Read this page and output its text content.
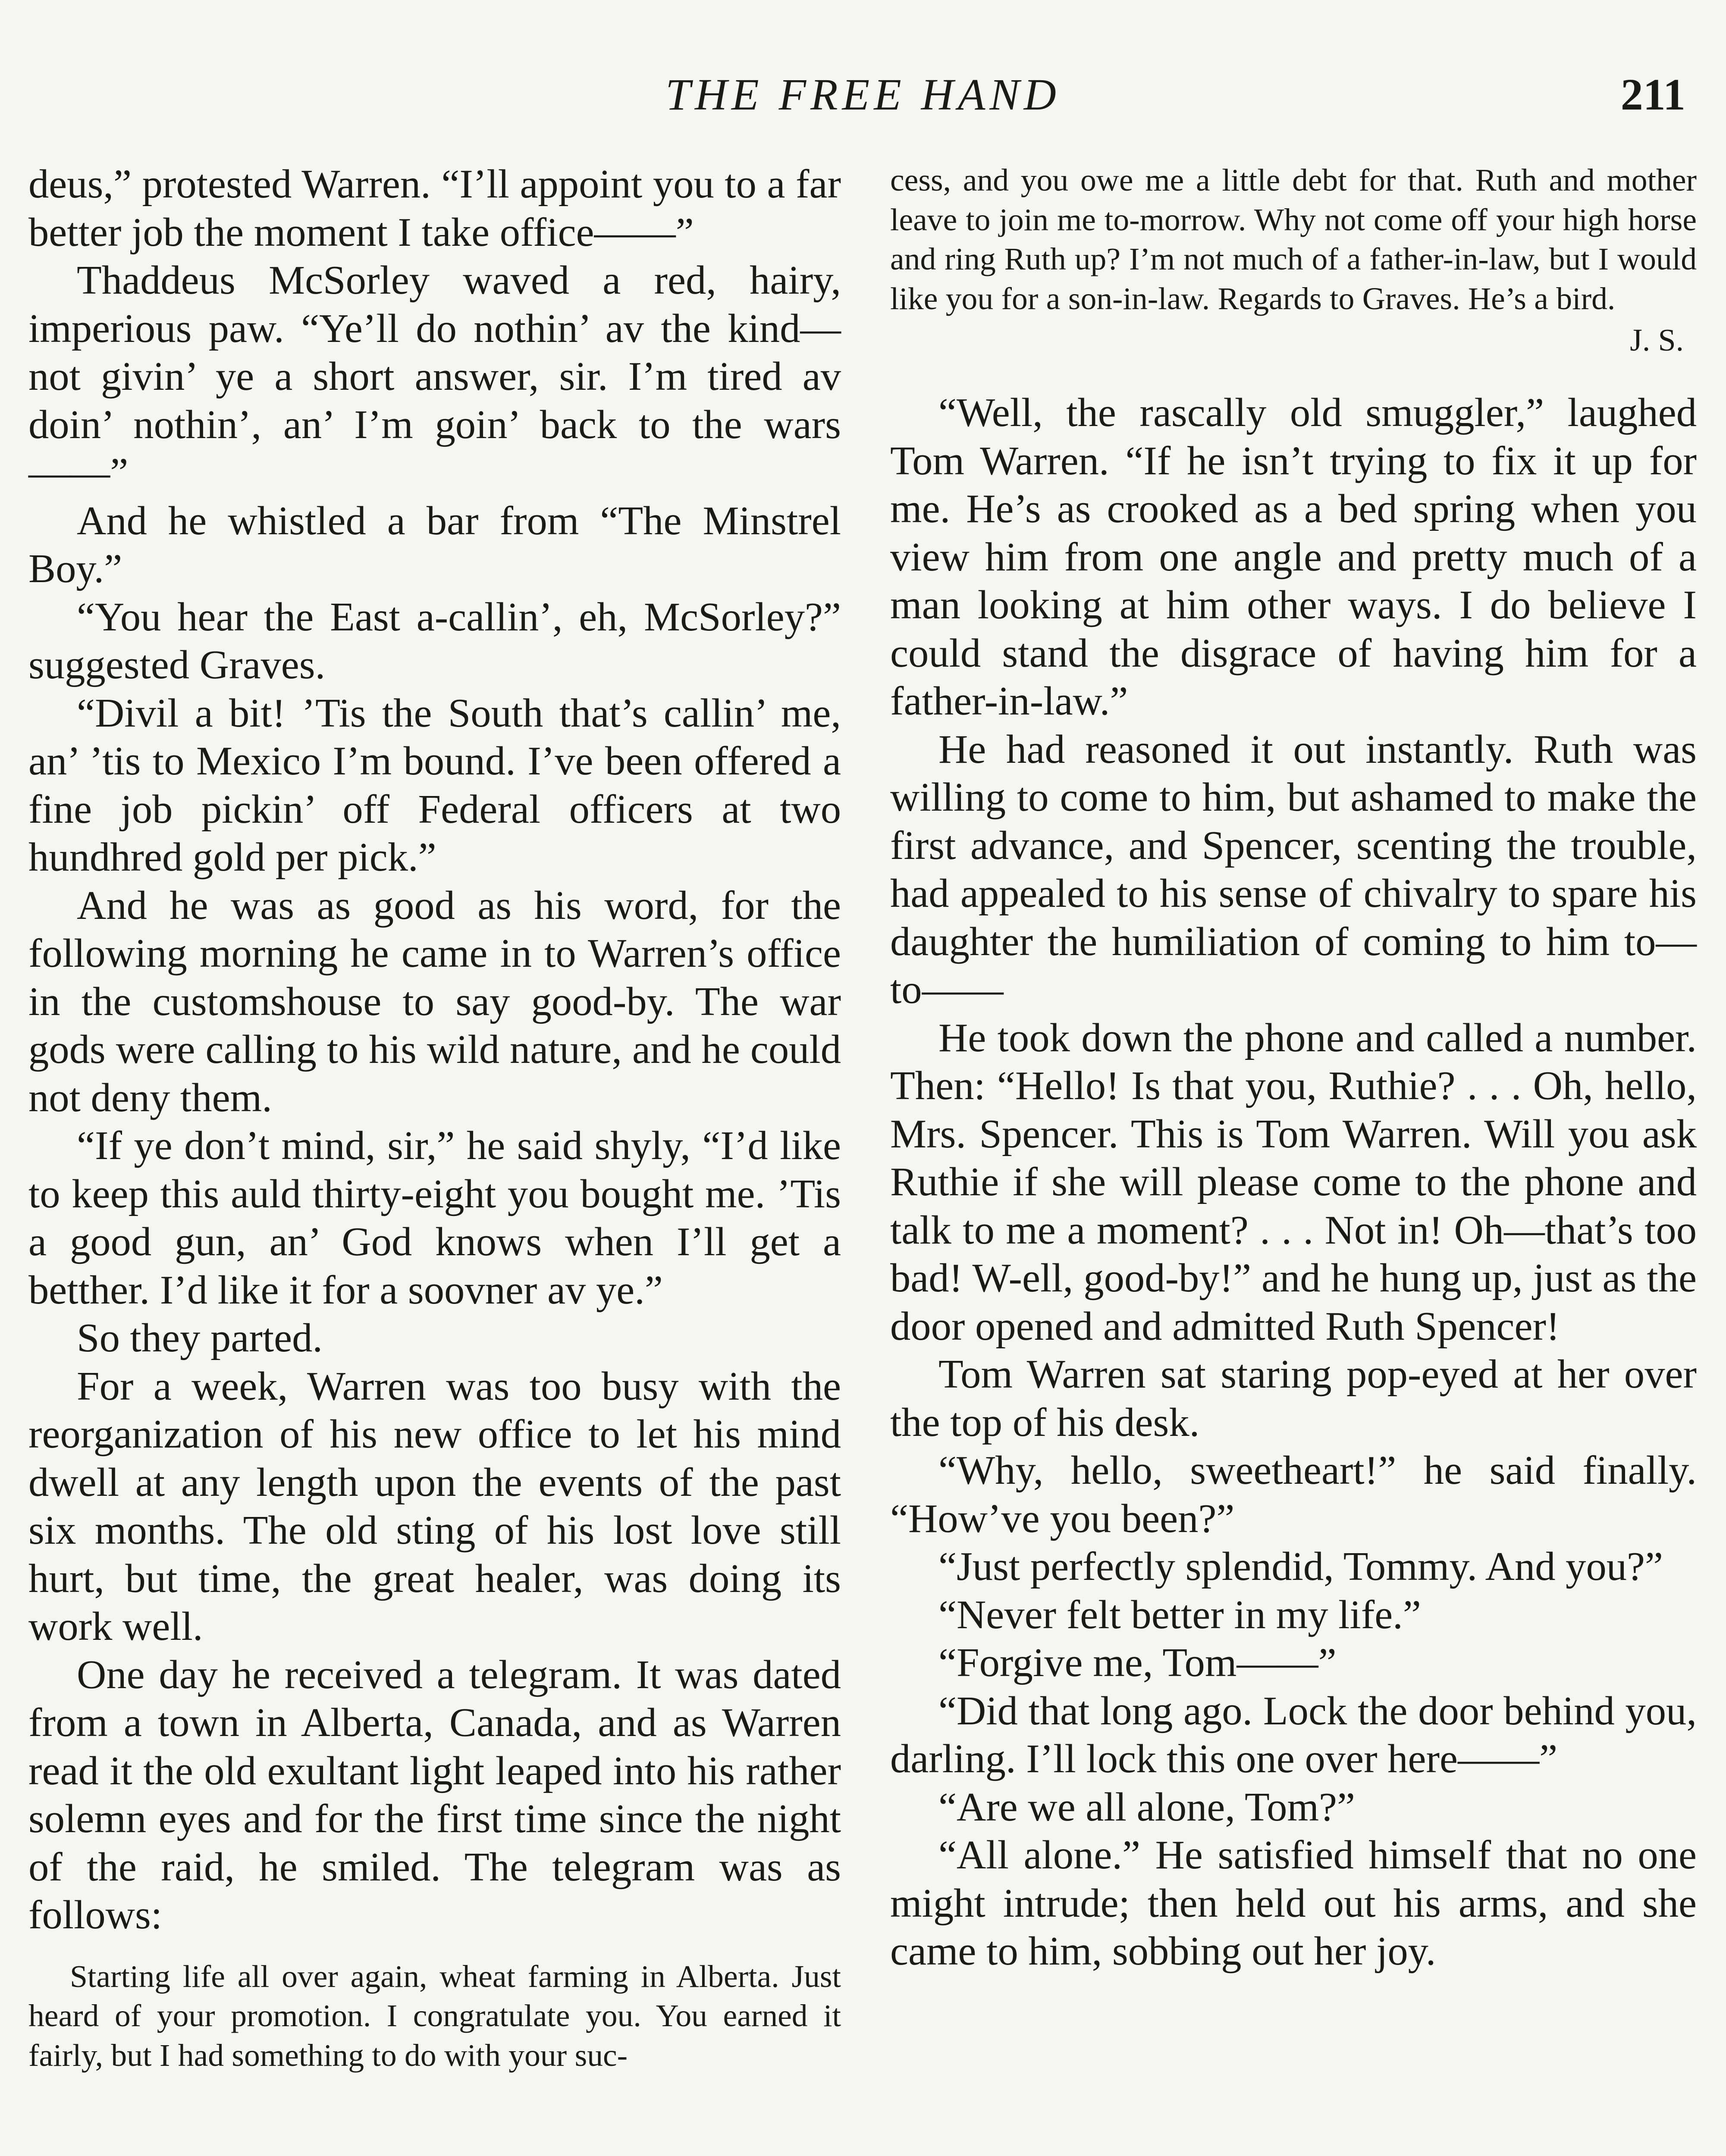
THE FREE HAND	211

deus,” protested Warren. “I’ll appoint you to a far better job the moment I take office——”

Thaddeus McSorley waved a red, hairy, imperious paw. “Ye’ll do nothin’ av the kind—not givin’ ye a short answer, sir. I’m tired av doin’ nothin’, an’ I’m goin’ back to the wars——”

And he whistled a bar from “The Minstrel Boy.”

“You hear the East a-callin’, eh, McSorley?” suggested Graves.

“Divil a bit! ’Tis the South that’s callin’ me, an’ ’tis to Mexico I’m bound. I’ve been offered a fine job pickin’ off Federal officers at two hundhred gold per pick.”

And he was as good as his word, for the following morning he came in to Warren’s office in the customshouse to say good-by. The war gods were calling to his wild nature, and he could not deny them.

“If ye don’t mind, sir,” he said shyly, “I’d like to keep this auld thirty-eight you bought me. ’Tis a good gun, an’ God knows when I’ll get a betther. I’d like it for a soovner av ye.”

So they parted.

For a week, Warren was too busy with the reorganization of his new office to let his mind dwell at any length upon the events of the past six months. The old sting of his lost love still hurt, but time, the great healer, was doing its work well.

One day he received a telegram. It was dated from a town in Alberta, Canada, and as Warren read it the old exultant light leaped into his rather solemn eyes and for the first time since the night of the raid, he smiled. The telegram was as follows:

Starting life all over again, wheat farming in Alberta. Just heard of your promotion. I congratulate you. You earned it fairly, but I had something to do with your suc-

cess, and you owe me a little debt for that. Ruth and mother leave to join me to-morrow. Why not come off your high horse and ring Ruth up? I’m not much of a father-in-law, but I would like you for a son-in-law. Regards to Graves. He’s a bird.

J. S.

“Well, the rascally old smuggler,” laughed Tom Warren. “If he isn’t trying to fix it up for me. He’s as crooked as a bed spring when you view him from one angle and pretty much of a man looking at him other ways. I do believe I could stand the disgrace of having him for a father-in-law.”

He had reasoned it out instantly. Ruth was willing to come to him, but ashamed to make the first advance, and Spencer, scenting the trouble, had appealed to his sense of chivalry to spare his daughter the humiliation of coming to him to—to——

He took down the phone and called a number. Then: “Hello! Is that you, Ruthie? . . . Oh, hello, Mrs. Spencer. This is Tom Warren. Will you ask Ruthie if she will please come to the phone and talk to me a moment? . . . Not in! Oh—that’s too bad! W-ell, good-by!” and he hung up, just as the door opened and admitted Ruth Spencer!

Tom Warren sat staring pop-eyed at her over the top of his desk.

“Why, hello, sweetheart!” he said finally. “How’ve you been?”

“Just perfectly splendid, Tommy. And you?”

“Never felt better in my life.”

“Forgive me, Tom——”

“Did that long ago. Lock the door behind you, darling. I’ll lock this one over here——”

“Are we all alone, Tom?”

“All alone.” He satisfied himself that no one might intrude; then held out his arms, and she came to him, sobbing out her joy.
